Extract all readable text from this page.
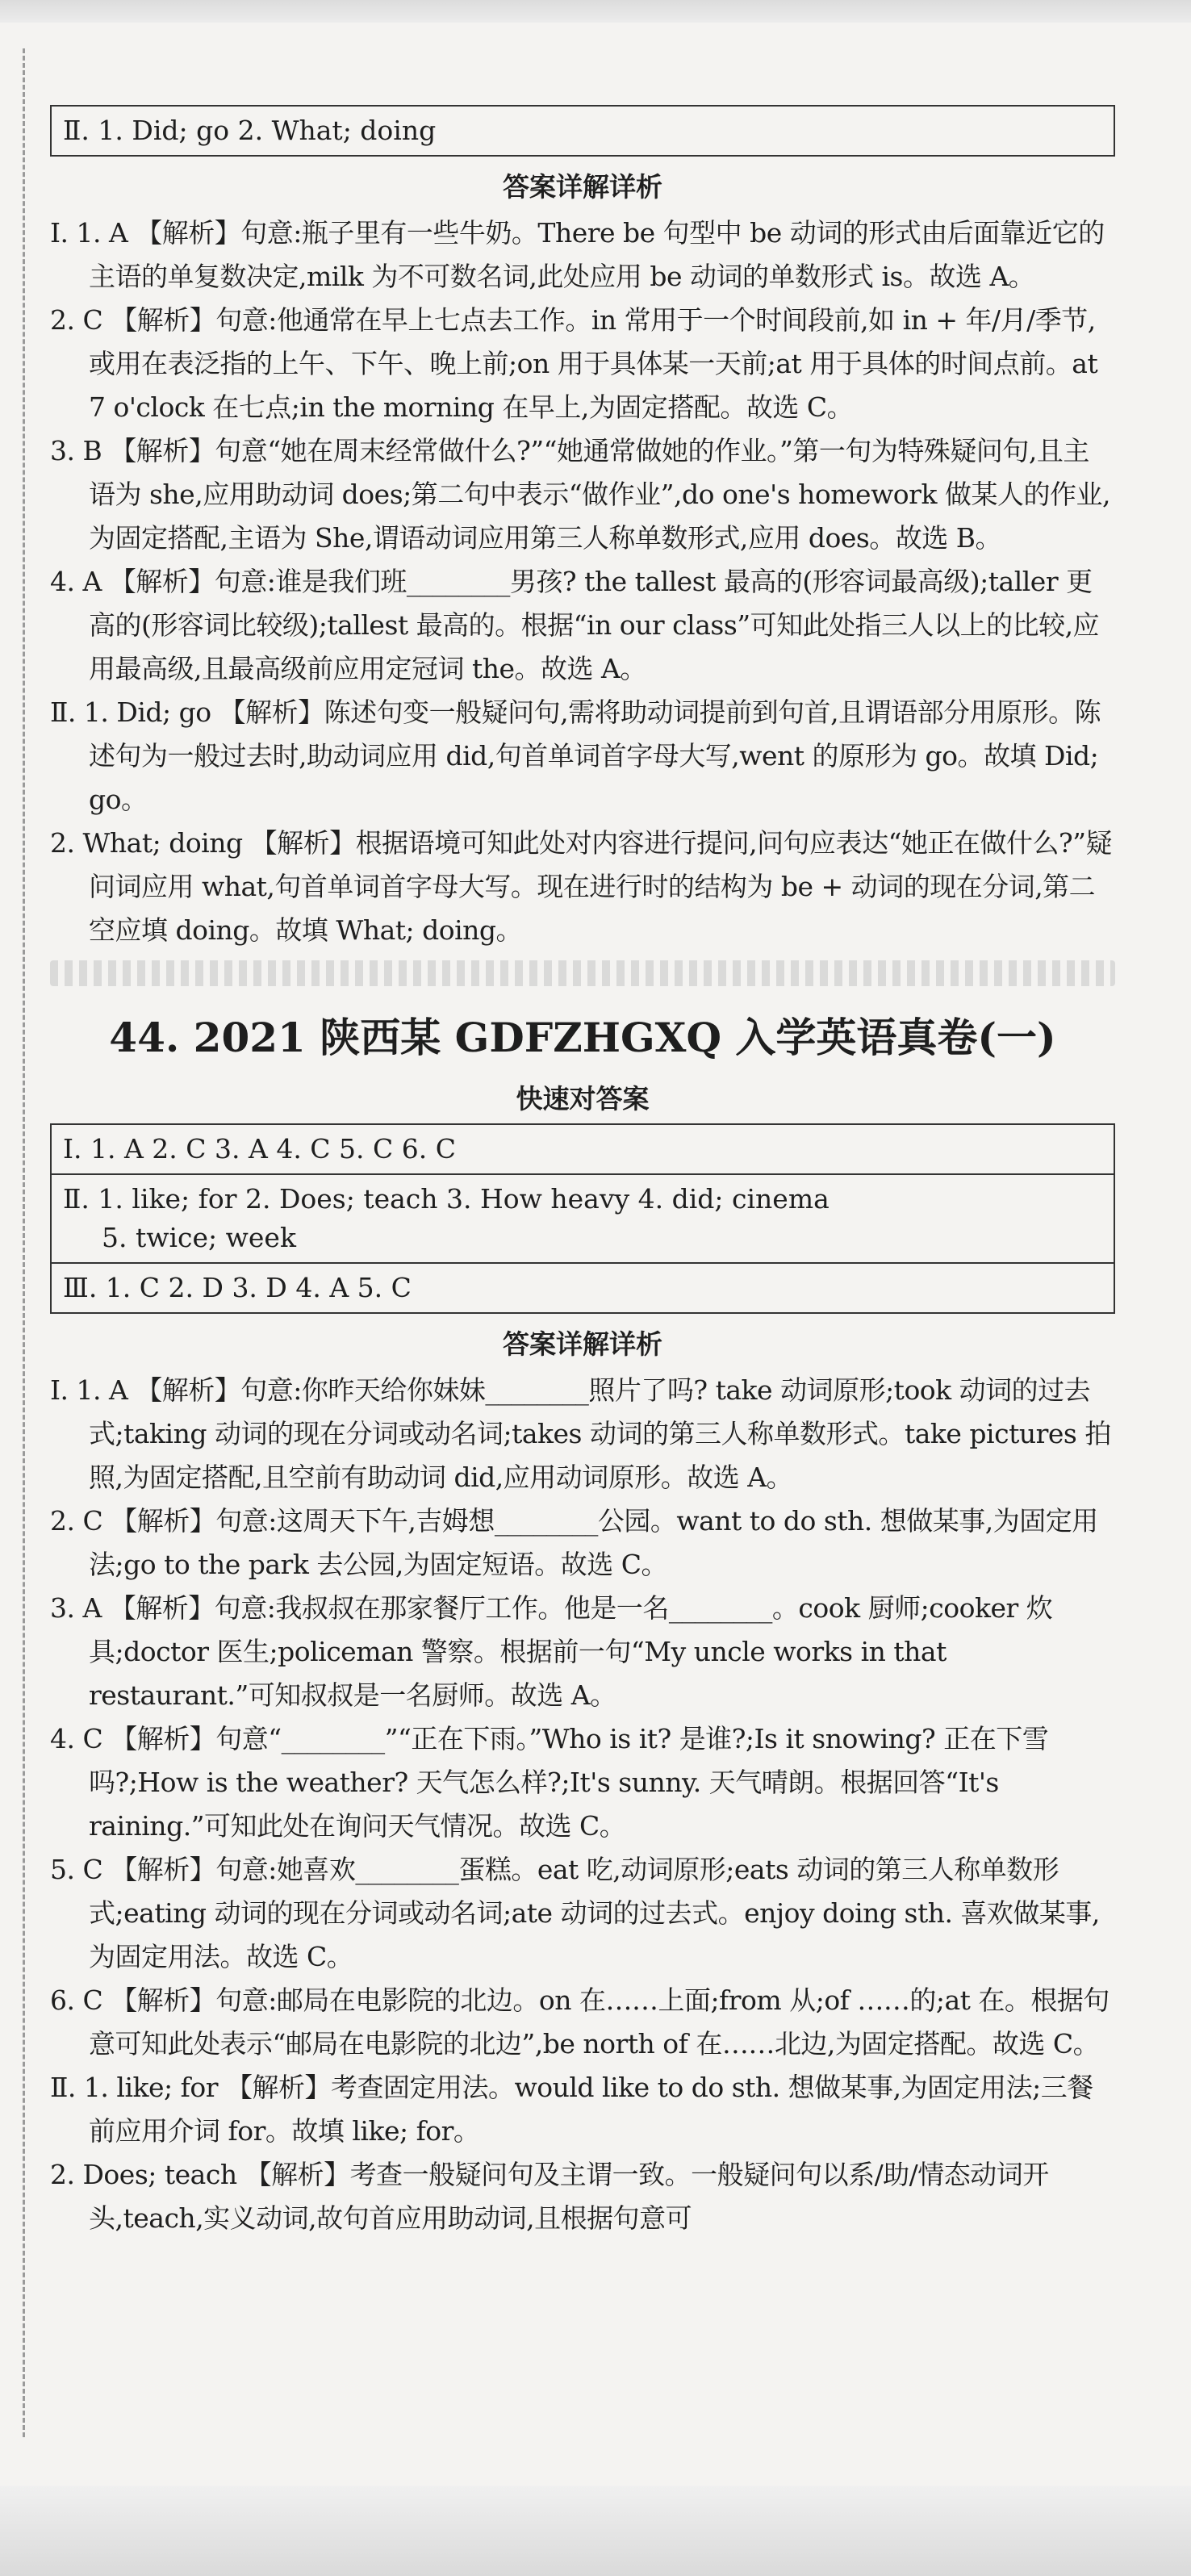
Ⅱ. 1. Did; go 2. What; doing
答案详解详析

Ⅰ. 1. A 【解析】句意:瓶子里有一些牛奶。There be 句型中 be 动词的形式由后面靠近它的主语的单复数决定,milk 为不可数名词,此处应用 be 动词的单数形式 is。故选 A。

2. C 【解析】句意:他通常在早上七点去工作。in 常用于一个时间段前,如 in + 年/月/季节,或用在表泛指的上午、下午、晚上前;on 用于具体某一天前;at 用于具体的时间点前。at 7 o'clock 在七点;in the morning 在早上,为固定搭配。故选 C。

3. B 【解析】句意“她在周末经常做什么?”“她通常做她的作业。”第一句为特殊疑问句,且主语为 she,应用助动词 does;第二句中表示“做作业”,do one's homework 做某人的作业,为固定搭配,主语为 She,谓语动词应用第三人称单数形式,应用 does。故选 B。

4. A 【解析】句意:谁是我们班________男孩? the tallest 最高的(形容词最高级);taller 更高的(形容词比较级);tallest 最高的。根据“in our class”可知此处指三人以上的比较,应用最高级,且最高级前应用定冠词 the。故选 A。

Ⅱ. 1. Did; go 【解析】陈述句变一般疑问句,需将助动词提前到句首,且谓语部分用原形。陈述句为一般过去时,助动词应用 did,句首单词首字母大写,went 的原形为 go。故填 Did; go。

2. What; doing 【解析】根据语境可知此处对内容进行提问,问句应表达“她正在做什么?”疑问词应用 what,句首单词首字母大写。现在进行时的结构为 be + 动词的现在分词,第二空应填 doing。故填 What; doing。

44. 2021 陕西某 GDFZHGXQ 入学英语真卷(一)
快速对答案
Ⅰ. 1. A 2. C 3. A 4. C 5. C 6. C
Ⅱ. 1. like; for 2. Does; teach 3. How heavy 4. did; cinema
5. twice; week
Ⅲ. 1. C 2. D 3. D 4. A 5. C
答案详解详析

Ⅰ. 1. A 【解析】句意:你昨天给你妹妹________照片了吗? take 动词原形;took 动词的过去式;taking 动词的现在分词或动名词;takes 动词的第三人称单数形式。take pictures 拍照,为固定搭配,且空前有助动词 did,应用动词原形。故选 A。

2. C 【解析】句意:这周天下午,吉姆想________公园。want to do sth. 想做某事,为固定用法;go to the park 去公园,为固定短语。故选 C。

3. A 【解析】句意:我叔叔在那家餐厅工作。他是一名________。cook 厨师;cooker 炊具;doctor 医生;policeman 警察。根据前一句“My uncle works in that restaurant.”可知叔叔是一名厨师。故选 A。

4. C 【解析】句意“________”“正在下雨。”Who is it? 是谁?;Is it snowing? 正在下雪吗?;How is the weather? 天气怎么样?;It's sunny. 天气晴朗。根据回答“It's raining.”可知此处在询问天气情况。故选 C。

5. C 【解析】句意:她喜欢________蛋糕。eat 吃,动词原形;eats 动词的第三人称单数形式;eating 动词的现在分词或动名词;ate 动词的过去式。enjoy doing sth. 喜欢做某事,为固定用法。故选 C。

6. C 【解析】句意:邮局在电影院的北边。on 在……上面;from 从;of ……的;at 在。根据句意可知此处表示“邮局在电影院的北边”,be north of 在……北边,为固定搭配。故选 C。

Ⅱ. 1. like; for 【解析】考查固定用法。would like to do sth. 想做某事,为固定用法;三餐前应用介词 for。故填 like; for。

2. Does; teach 【解析】考查一般疑问句及主谓一致。一般疑问句以系/助/情态动词开头,teach,实义动词,故句首应用助动词,且根据句意可
